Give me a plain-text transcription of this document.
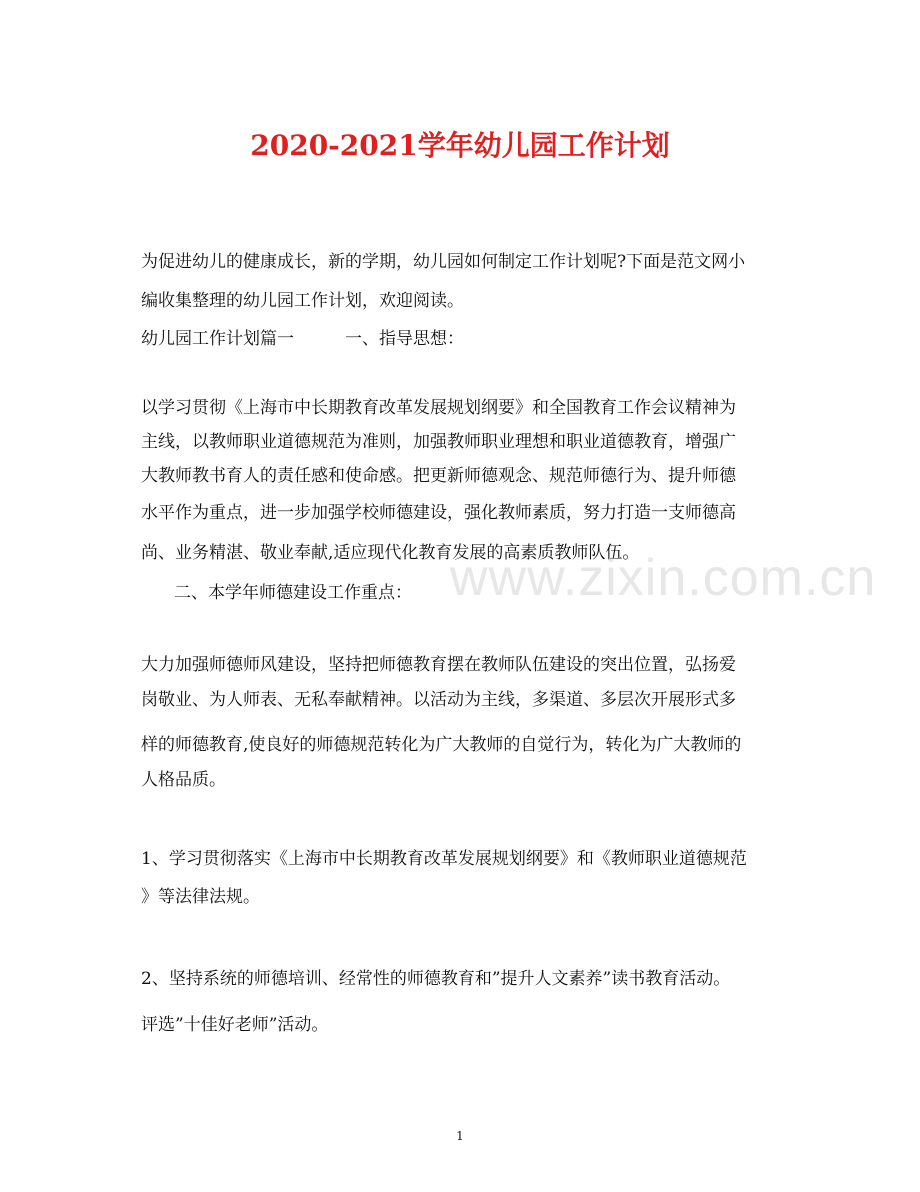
2020-2021学年幼儿园工作计划
为促进幼儿的健康成长，新的学期，幼儿园如何制定工作计划呢?下面是范文网小
编收集整理的幼儿园工作计划，欢迎阅读。
幼儿园工作计划篇一　　　一、指导思想：
以学习贯彻《上海市中长期教育改革发展规划纲要》和全国教育工作会议精神为
主线，以教师职业道德规范为准则，加强教师职业理想和职业道德教育，增强广
大教师教书育人的责任感和使命感。把更新师德观念、规范师德行为、提升师德
水平作为重点，进一步加强学校师德建设，强化教师素质，努力打造一支师德高
尚、业务精湛、敬业奉献,适应现代化教育发展的高素质教师队伍。
二、本学年师德建设工作重点：
大力加强师德师风建设，坚持把师德教育摆在教师队伍建设的突出位置，弘扬爱
岗敬业、为人师表、无私奉献精神。以活动为主线，多渠道、多层次开展形式多
样的师德教育,使良好的师德规范转化为广大教师的自觉行为，转化为广大教师的
人格品质。
1、学习贯彻落实《上海市中长期教育改革发展规划纲要》和《教师职业道德规范
》等法律法规。
2、坚持系统的师德培训、经常性的师德教育和”提升人文素养”读书教育活动。
评选”十佳好老师”活动。
www.zixin.com.cn
1
